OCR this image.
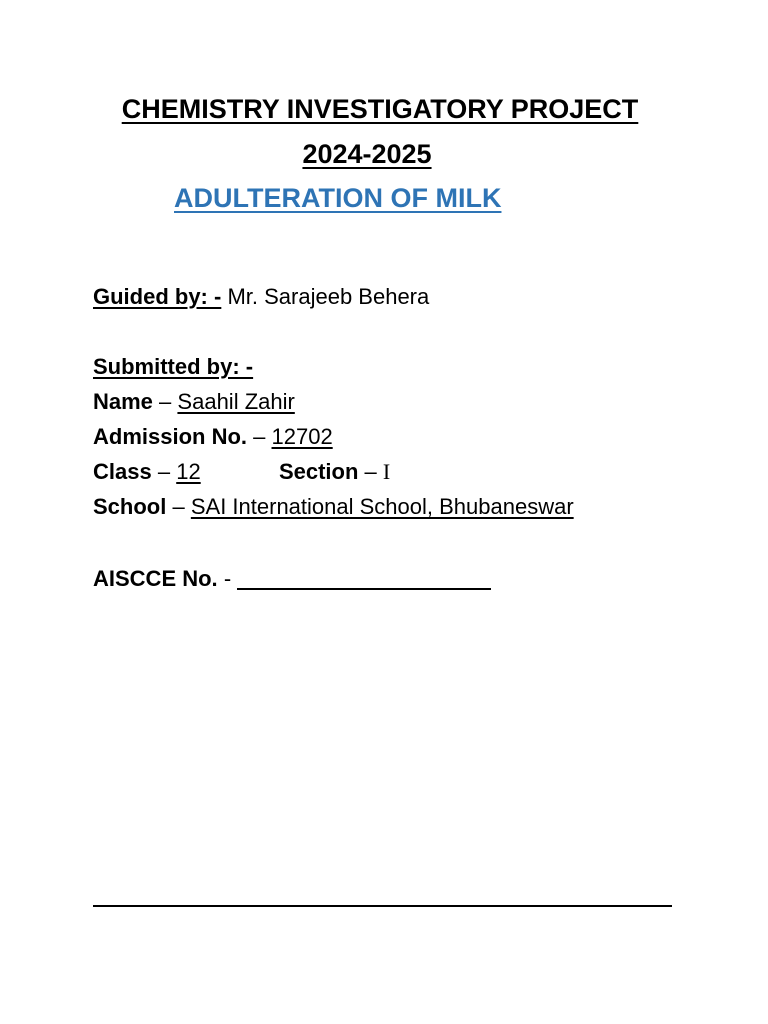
CHEMISTRY INVESTIGATORY PROJECT
2024-2025
ADULTERATION OF MILK
Guided by: - Mr. Sarajeeb Behera
Submitted by: -
Name – Saahil Zahir
Admission No. – 12702
Class – 12	Section – I
School – SAI International School, Bhubaneswar
AISCCE No. -
